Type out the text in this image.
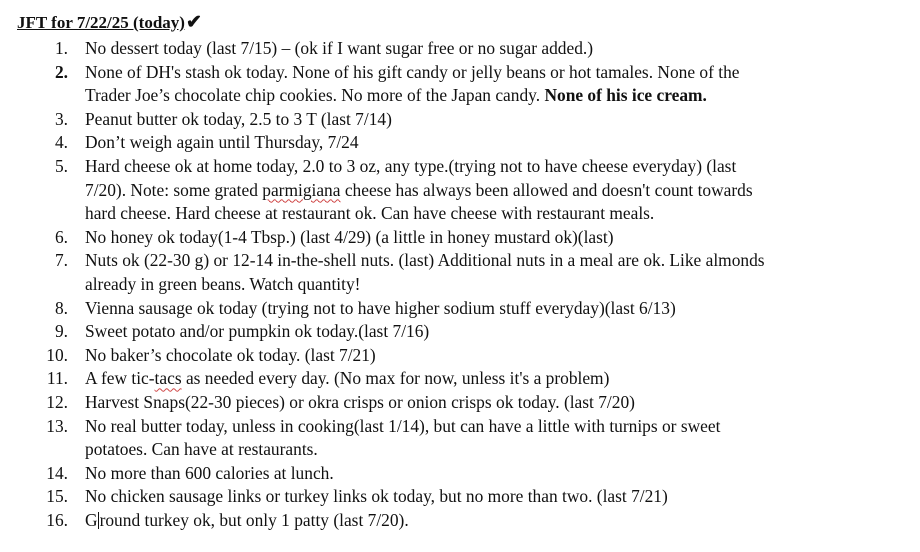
JFT for 7/22/25 (today)✔
1. No dessert today (last 7/15) – (ok if I want sugar free or no sugar added.)
2. None of DH's stash ok today. None of his gift candy or jelly beans or hot tamales. None of the
Trader Joe’s chocolate chip cookies. No more of the Japan candy. None of his ice cream.
3. Peanut butter ok today, 2.5 to 3 T (last 7/14)
4. Don’t weigh again until Thursday, 7/24
5. Hard cheese ok at home today, 2.0 to 3 oz, any type.(trying not to have cheese everyday) (last
7/20). Note: some grated parmigiana cheese has always been allowed and doesn't count towards
hard cheese. Hard cheese at restaurant ok. Can have cheese with restaurant meals.
6. No honey ok today(1-4 Tbsp.) (last 4/29) (a little in honey mustard ok)(last)
7. Nuts ok (22-30 g) or 12-14 in-the-shell nuts. (last) Additional nuts in a meal are ok. Like almonds
already in green beans. Watch quantity!
8. Vienna sausage ok today (trying not to have higher sodium stuff everyday)(last 6/13)
9. Sweet potato and/or pumpkin ok today.(last 7/16)
10. No baker’s chocolate ok today. (last 7/21)
11. A few tic-tacs as needed every day. (No max for now, unless it's a problem)
12. Harvest Snaps(22-30 pieces) or okra crisps or onion crisps ok today. (last 7/20)
13. No real butter today, unless in cooking(last 1/14), but can have a little with turnips or sweet
potatoes. Can have at restaurants.
14. No more than 600 calories at lunch.
15. No chicken sausage links or turkey links ok today, but no more than two. (last 7/21)
16. G round turkey ok, but only 1 patty (last 7/20).
